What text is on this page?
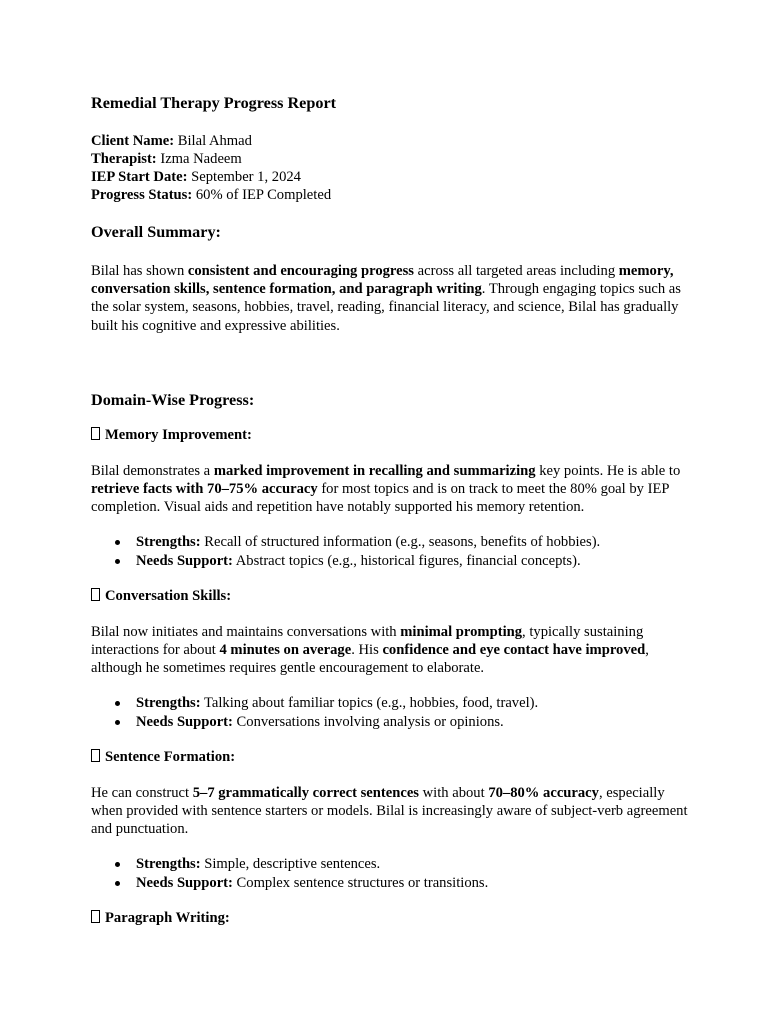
Remedial Therapy Progress Report

Client Name: Bilal Ahmad

Therapist: Izma Nadeem

IEP Start Date: September 1, 2024

Progress Status: 60% of IEP Completed

Overall Summary:

Bilal has shown consistent and encouraging progress across all targeted areas including memory, conversation skills, sentence formation, and paragraph writing. Through engaging topics such as the solar system, seasons, hobbies, travel, reading, financial literacy, and science, Bilal has gradually built his cognitive and expressive abilities.

Domain-Wise Progress:
Memory Improvement:

Bilal demonstrates a marked improvement in recalling and summarizing key points. He is able to retrieve facts with 70–75% accuracy for most topics and is on track to meet the 80% goal by IEP completion. Visual aids and repetition have notably supported his memory retention.

Strengths: Recall of structured information (e.g., seasons, benefits of hobbies).
Needs Support: Abstract topics (e.g., historical figures, financial concepts).
Conversation Skills:

Bilal now initiates and maintains conversations with minimal prompting, typically sustaining interactions for about 4 minutes on average. His confidence and eye contact have improved, although he sometimes requires gentle encouragement to elaborate.

Strengths: Talking about familiar topics (e.g., hobbies, food, travel).
Needs Support: Conversations involving analysis or opinions.
Sentence Formation:

He can construct 5–7 grammatically correct sentences with about 70–80% accuracy, especially when provided with sentence starters or models. Bilal is increasingly aware of subject-verb agreement and punctuation.

Strengths: Simple, descriptive sentences.
Needs Support: Complex sentence structures or transitions.
Paragraph Writing:
